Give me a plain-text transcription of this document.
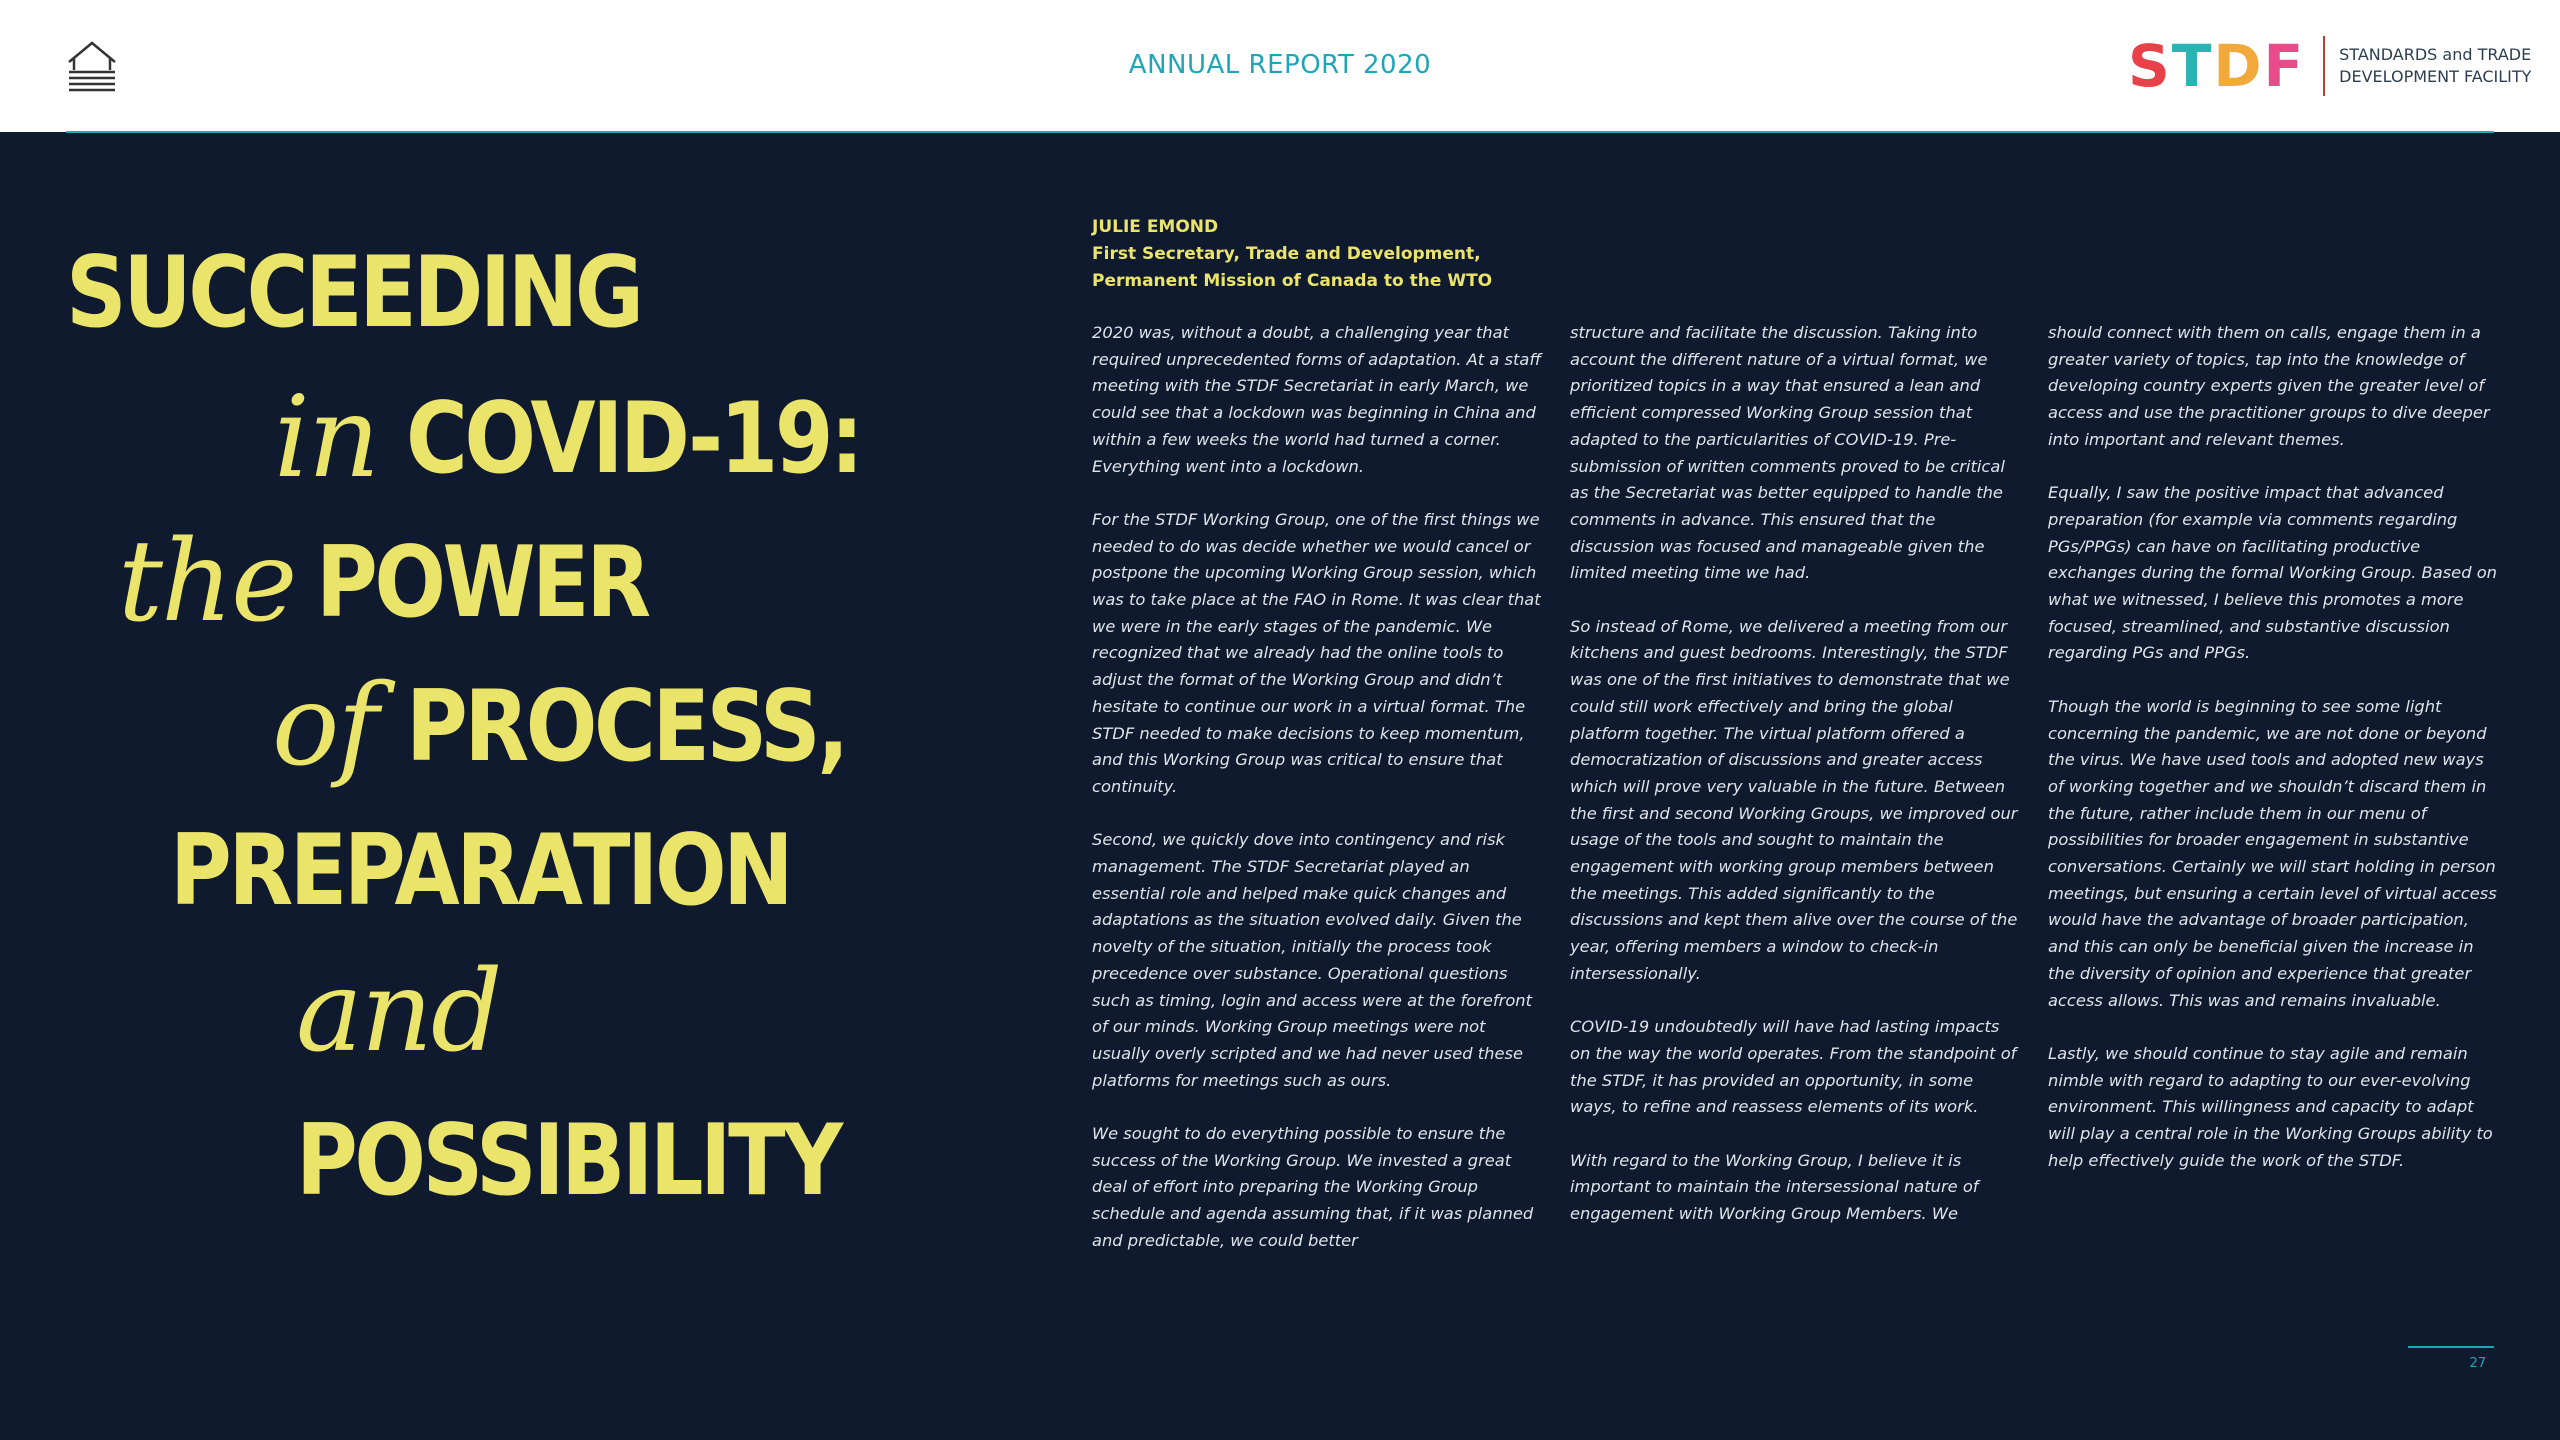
ANNUAL REPORT 2020	STDF STANDARDS and TRADE
DEVELOPMENT FACILITY
SUCCEEDING
in COVID-19:
the POWER
of PROCESS,
PREPARATION
and
POSSIBILITY
JULIE EMOND
First Secretary, Trade and Development,
Permanent Mission of Canada to the WTO

2020 was, without a doubt, a challenging year that required unprecedented forms of adaptation. At a staff meeting with the STDF Secretariat in early March, we could see that a lockdown was beginning in China and within a few weeks the world had turned a corner. Everything went into a lockdown.

For the STDF Working Group, one of the first things we needed to do was decide whether we would cancel or postpone the upcoming Working Group session, which was to take place at the FAO in Rome. It was clear that we were in the early stages of the pandemic. We recognized that we already had the online tools to adjust the format of the Working Group and didn’t hesitate to continue our work in a virtual format. The STDF needed to make decisions to keep momentum, and this Working Group was critical to ensure that continuity.

Second, we quickly dove into contingency and risk management. The STDF Secretariat played an essential role and helped make quick changes and adaptations as the situation evolved daily. Given the novelty of the situation, initially the process took precedence over substance. Operational questions such as timing, login and access were at the forefront of our minds. Working Group meetings were not usually overly scripted and we had never used these platforms for meetings such as ours.

We sought to do everything possible to ensure the success of the Working Group. We invested a great deal of effort into preparing the Working Group schedule and agenda assuming that, if it was planned and predictable, we could better

structure and facilitate the discussion. Taking into account the different nature of a virtual format, we prioritized topics in a way that ensured a lean and efficient compressed Working Group session that adapted to the particularities of COVID-19. Pre-submission of written comments proved to be critical as the Secretariat was better equipped to handle the comments in advance. This ensured that the discussion was focused and manageable given the limited meeting time we had.

So instead of Rome, we delivered a meeting from our kitchens and guest bedrooms. Interestingly, the STDF was one of the first initiatives to demonstrate that we could still work effectively and bring the global platform together. The virtual platform offered a democratization of discussions and greater access which will prove very valuable in the future. Between the first and second Working Groups, we improved our usage of the tools and sought to maintain the engagement with working group members between the meetings. This added significantly to the discussions and kept them alive over the course of the year, offering members a window to check-in intersessionally.

COVID-19 undoubtedly will have had lasting impacts on the way the world operates. From the standpoint of the STDF, it has provided an opportunity, in some ways, to refine and reassess elements of its work.

With regard to the Working Group, I believe it is important to maintain the intersessional nature of engagement with Working Group Members. We

should connect with them on calls, engage them in a greater variety of topics, tap into the knowledge of developing country experts given the greater level of access and use the practitioner groups to dive deeper into important and relevant themes.

Equally, I saw the positive impact that advanced preparation (for example via comments regarding PGs/PPGs) can have on facilitating productive exchanges during the formal Working Group. Based on what we witnessed, I believe this promotes a more focused, streamlined, and substantive discussion regarding PGs and PPGs.

Though the world is beginning to see some light concerning the pandemic, we are not done or beyond the virus. We have used tools and adopted new ways of working together and we shouldn’t discard them in the future, rather include them in our menu of possibilities for broader engagement in substantive conversations. Certainly we will start holding in person meetings, but ensuring a certain level of virtual access would have the advantage of broader participation, and this can only be beneficial given the increase in the diversity of opinion and experience that greater access allows. This was and remains invaluable.

Lastly, we should continue to stay agile and remain nimble with regard to adapting to our ever-evolving environment. This willingness and capacity to adapt will play a central role in the Working Groups ability to help effectively guide the work of the STDF.

27
